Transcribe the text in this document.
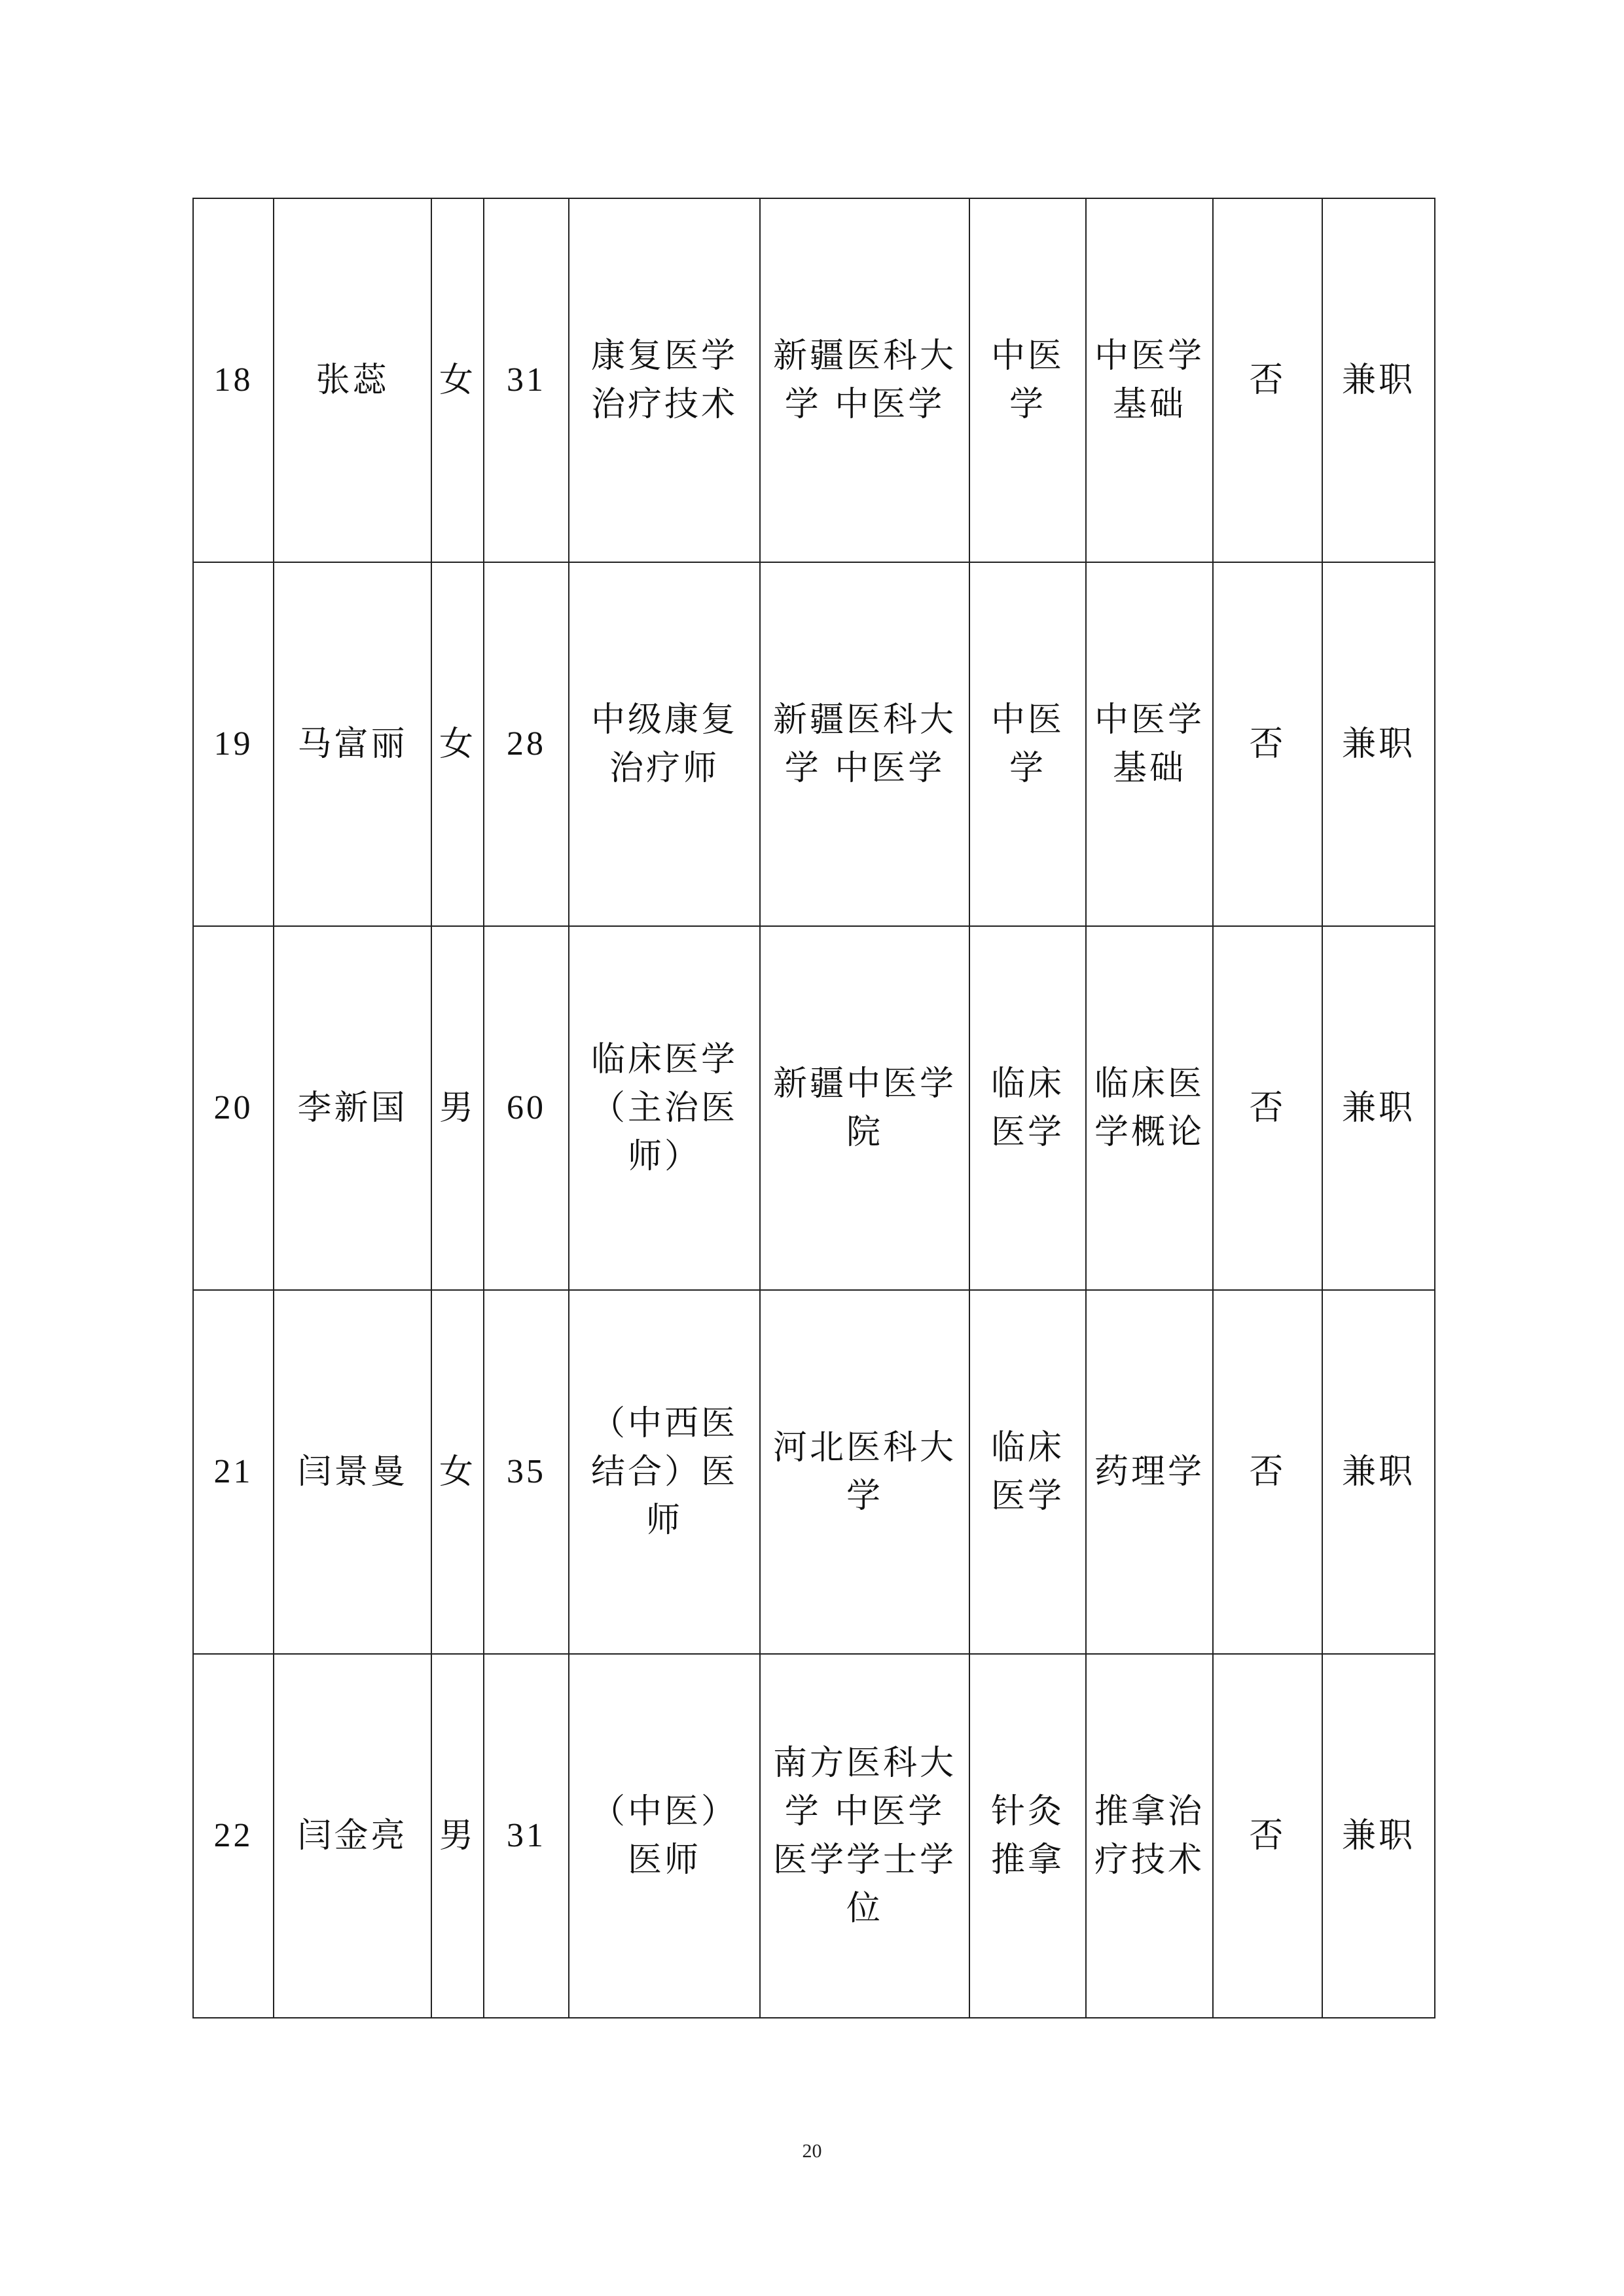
18	张蕊	女	31	康复医学治疗技术	新疆医科大学 中医学	中医学	中医学基础	否	兼职
19	马富丽	女	28	中级康复治疗师	新疆医科大学 中医学	中医学	中医学基础	否	兼职
20	李新国	男	60	临床医学（主治医师）	新疆中医学院	临床医学	临床医学概论	否	兼职
21	闫景曼	女	35	（中西医结合）医师	河北医科大学	临床医学	药理学	否	兼职
22	闫金亮	男	31	（中医）医师	南方医科大学 中医学 医学学士学位	针灸推拿	推拿治疗技术	否	兼职
20
